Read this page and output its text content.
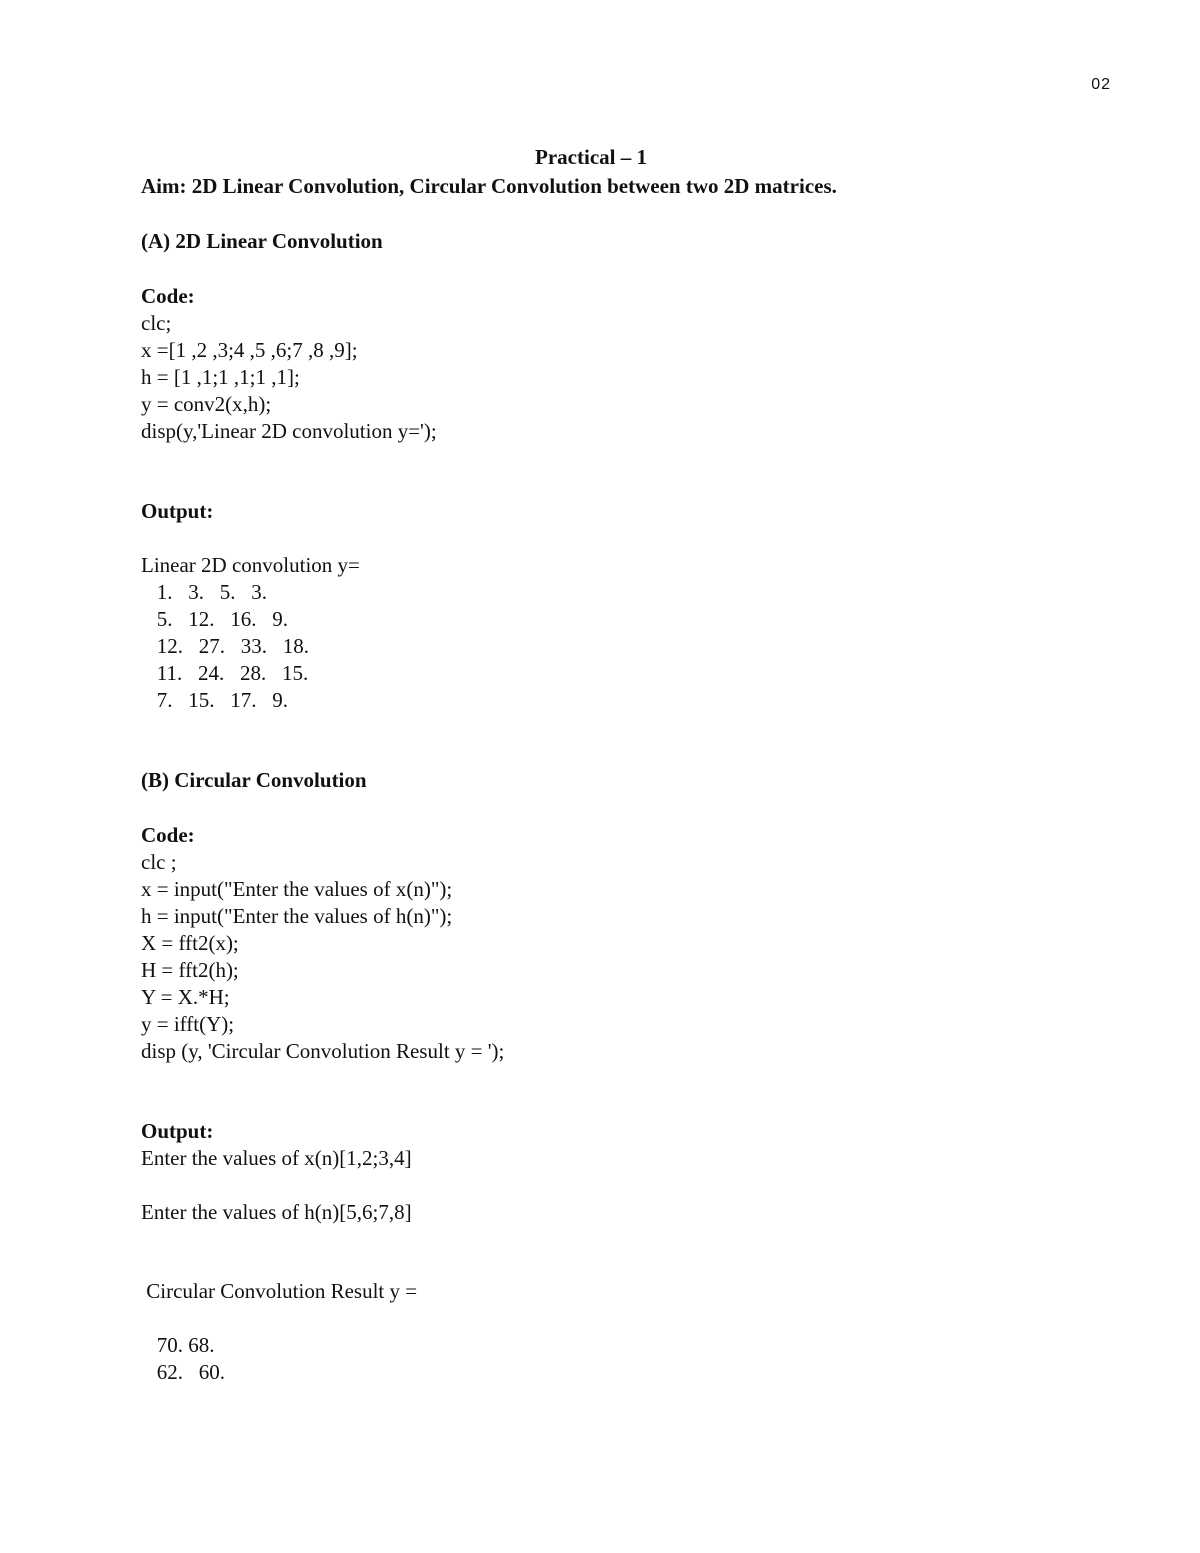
02
Practical – 1
Aim: 2D Linear Convolution, Circular Convolution between two 2D matrices.
(A) 2D Linear Convolution
Code:
clc;
x =[1 ,2 ,3;4 ,5 ,6;7 ,8 ,9];
h = [1 ,1;1 ,1;1 ,1];
y = conv2(x,h);
disp(y,'Linear 2D convolution y=');
Output:
Linear 2D convolution y=
1.   3.   5.   3.
5.   12.   16.   9.
12.   27.   33.   18.
11.   24.   28.   15.
7.   15.   17.   9.
(B) Circular Convolution
Code:
clc ;
x = input("Enter the values of x(n)");
h = input("Enter the values of h(n)");
X = fft2(x);
H = fft2(h);
Y = X.*H;
y = ifft(Y);
disp (y, 'Circular Convolution Result y = ');
Output:
Enter the values of x(n)[1,2;3,4]
Enter the values of h(n)[5,6;7,8]
Circular Convolution Result y =
70. 68.
62.   60.
